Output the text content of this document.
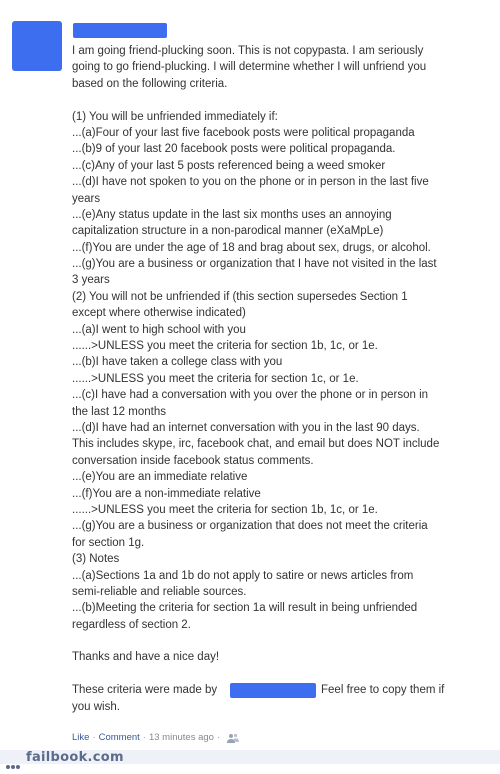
I am going friend-plucking soon. This is not copypasta. I am seriously
going to go friend-plucking. I will determine whether I will unfriend you
based on the following criteria.
(1) You will be unfriended immediately if:
...(a)Four of your last five facebook posts were political propaganda
...(b)9 of your last 20 facebook posts were political propaganda.
...(c)Any of your last 5 posts referenced being a weed smoker
...(d)I have not spoken to you on the phone or in person in the last five
years
...(e)Any status update in the last six months uses an annoying
capitalization structure in a non-parodical manner (eXaMpLe)
...(f)You are under the age of 18 and brag about sex, drugs, or alcohol.
...(g)You are a business or organization that I have not visited in the last
3 years
(2) You will not be unfriended if (this section supersedes Section 1
except where otherwise indicated)
...(a)I went to high school with you
......>UNLESS you meet the criteria for section 1b, 1c, or 1e.
...(b)I have taken a college class with you
......>UNLESS you meet the criteria for section 1c, or 1e.
...(c)I have had a conversation with you over the phone or in person in
the last 12 months
...(d)I have had an internet conversation with you in the last 90 days.
This includes skype, irc, facebook chat, and email but does NOT include
conversation inside facebook status comments.
...(e)You are an immediate relative
...(f)You are a non-immediate relative
......>UNLESS you meet the criteria for section 1b, 1c, or 1e.
...(g)You are a business or organization that does not meet the criteria
for section 1g.
(3) Notes
...(a)Sections 1a and 1b do not apply to satire or news articles from
semi-reliable and reliable sources.
...(b)Meeting the criteria for section 1a will result in being unfriended
regardless of section 2.
Thanks and have a nice day!
These criteria were made by	Feel free to copy them if
you wish.
Like · Comment · 13 minutes ago ·
failbook.com
